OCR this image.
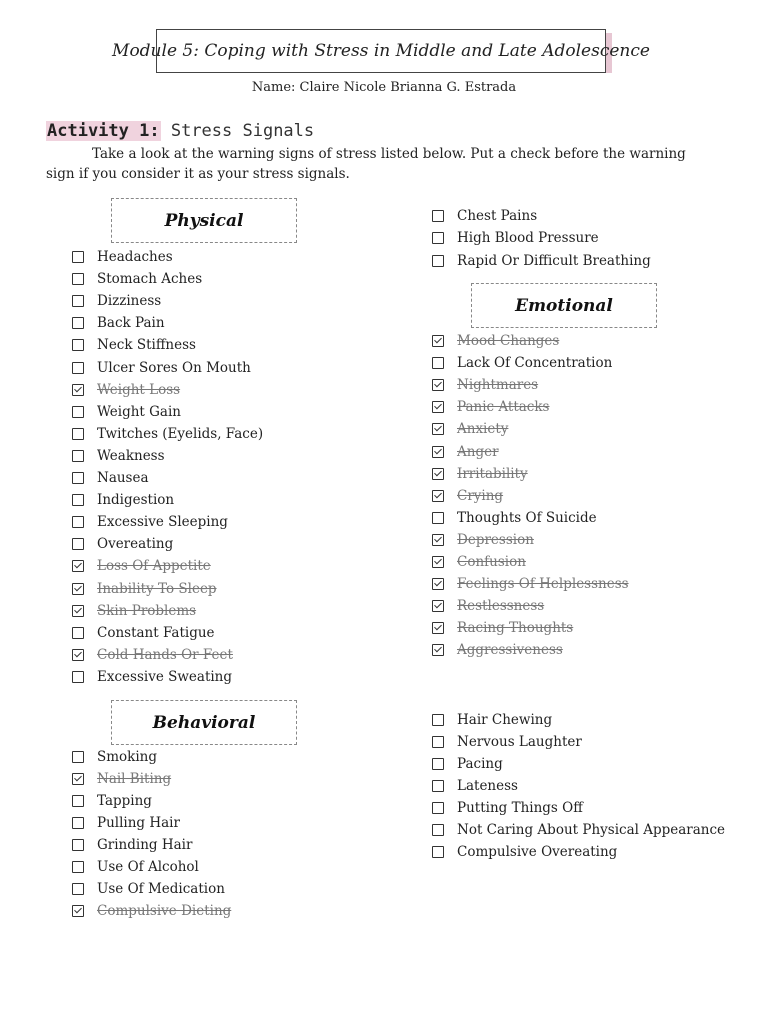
Module 5: Coping with Stress in Middle and Late Adolescence
Name: Claire Nicole Brianna G. Estrada
Activity 1: Stress Signals
Take a look at the warning signs of stress listed below. Put a check before the warning sign if you consider it as your stress signals.
Physical
Emotional
Behavioral
Headaches
Stomach Aches
Dizziness
Back Pain
Neck Stiffness
Ulcer Sores On Mouth
Weight Loss
Weight Gain
Twitches (Eyelids, Face)
Weakness
Nausea
Indigestion
Excessive Sleeping
Overeating
Loss Of Appetite
Inability To Sleep
Skin Problems
Constant Fatigue
Cold Hands Or Feet
Excessive Sweating
Chest Pains
High Blood Pressure
Rapid Or Difficult Breathing
Mood Changes
Lack Of Concentration
Nightmares
Panic Attacks
Anxiety
Anger
Irritability
Crying
Thoughts Of Suicide
Depression
Confusion
Feelings Of Helplessness
Restlessness
Racing Thoughts
Aggressiveness
Smoking
Nail Biting
Tapping
Pulling Hair
Grinding Hair
Use Of Alcohol
Use Of Medication
Compulsive Dieting
Hair Chewing
Nervous Laughter
Pacing
Lateness
Putting Things Off
Not Caring About Physical Appearance
Compulsive Overeating
